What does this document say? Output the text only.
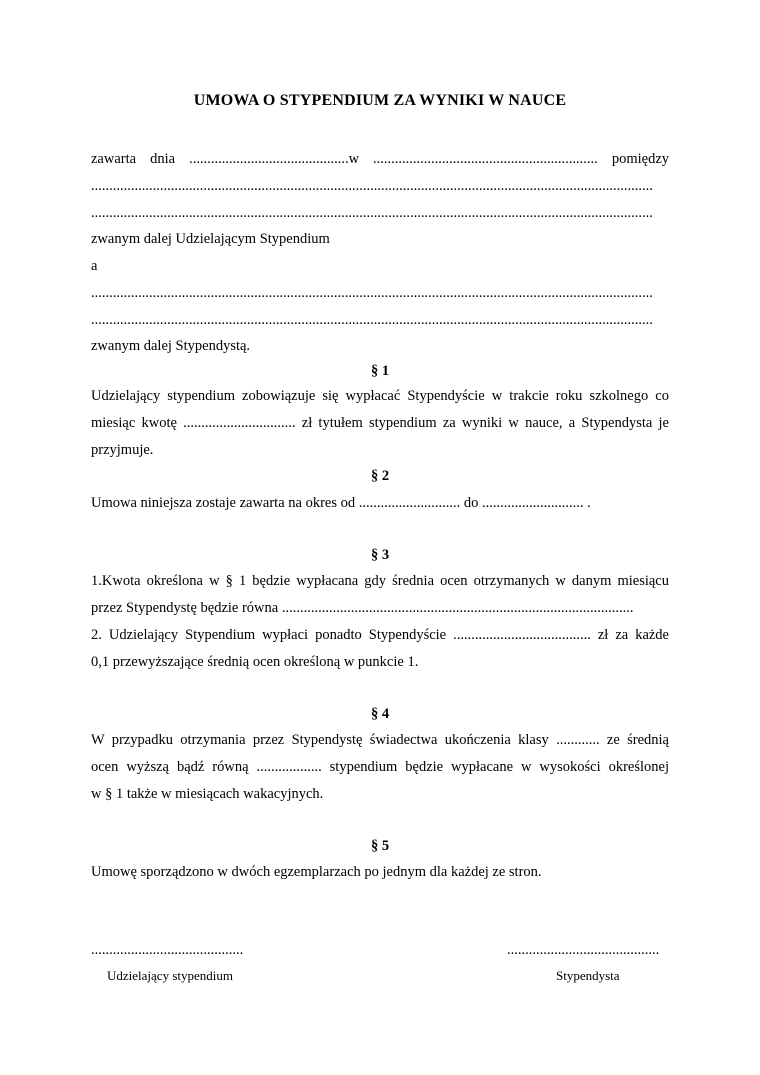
UMOWA O STYPENDIUM ZA WYNIKI W NAUCE
zawarta dnia ............................................w .............................................................. pomiędzy
...........................................................................................................................................................
...........................................................................................................................................................
zwanym dalej Udzielającym Stypendium
a
...........................................................................................................................................................
...........................................................................................................................................................
zwanym dalej Stypendystą.
§ 1
Udzielający stypendium zobowiązuje się wypłacać Stypendyście w trakcie roku szkolnego co
miesiąc kwotę ............................... zł tytułem stypendium za wyniki w nauce, a Stypendysta je
przyjmuje.
§ 2
Umowa niniejsza zostaje zawarta na okres od ............................ do ............................ .
§ 3
1.Kwota określona w § 1 będzie wypłacana gdy średnia ocen otrzymanych w danym miesiącu
przez Stypendystę będzie równa .................................................................................................
2. Udzielający Stypendium wypłaci ponadto Stypendyście ...................................... zł za każde
0,1 przewyższające średnią ocen określoną w punkcie 1.
§ 4
W przypadku otrzymania przez Stypendystę świadectwa ukończenia klasy ............ ze średnią
ocen wyższą bądź równą .................. stypendium będzie wypłacane w wysokości określonej
w § 1 także w miesiącach wakacyjnych.
§ 5
Umowę sporządzono w dwóch egzemplarzach po jednym dla każdej ze stron.
..........................................	..........................................
Udzielający stypendium	Stypendysta
